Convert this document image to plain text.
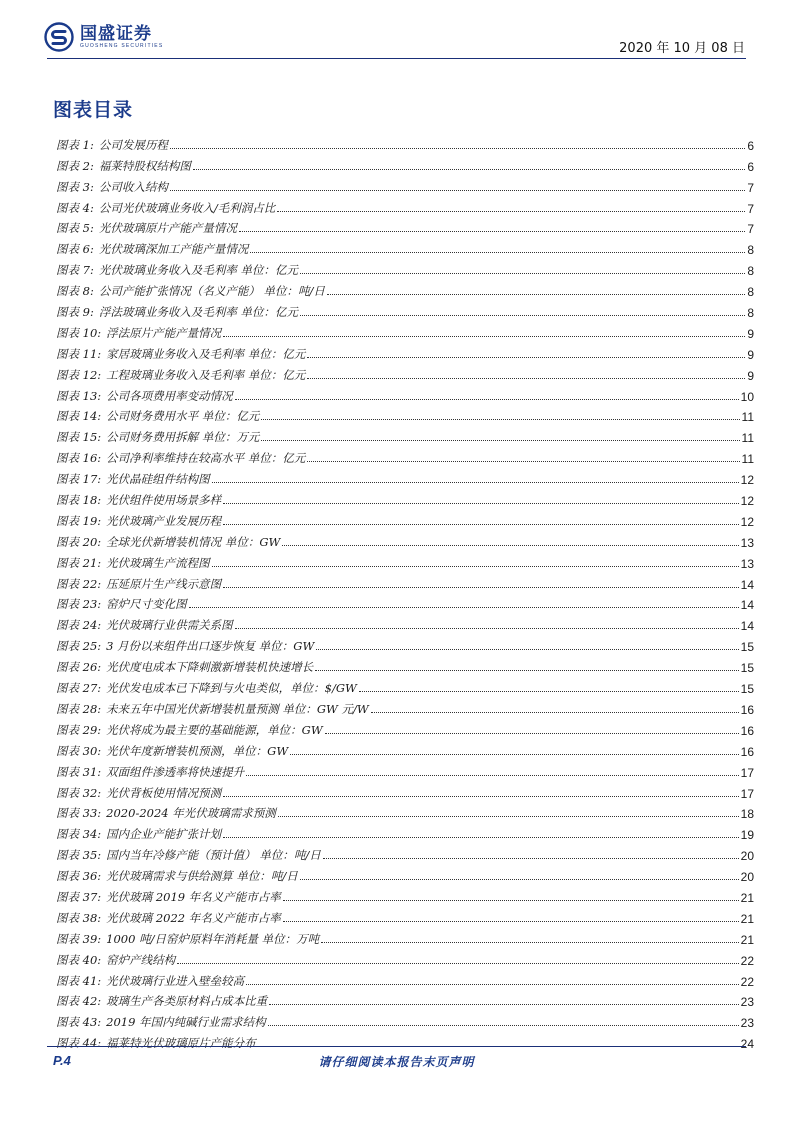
国盛证券
GUOSHENG SECURITIES	2020 年 10 月 08 日
图表目录
图表 1: 公司发展历程	6
图表 2: 福莱特股权结构图	6
图表 3: 公司收入结构	7
图表 4: 公司光伏玻璃业务收入/毛利润占比	7
图表 5: 光伏玻璃原片产能产量情况	7
图表 6: 光伏玻璃深加工产能产量情况	8
图表 7: 光伏玻璃业务收入及毛利率 单位：亿元	8
图表 8: 公司产能扩张情况（名义产能） 单位：吨/日	8
图表 9: 浮法玻璃业务收入及毛利率 单位：亿元	8
图表 10: 浮法原片产能产量情况	9
图表 11: 家居玻璃业务收入及毛利率 单位：亿元	9
图表 12: 工程玻璃业务收入及毛利率 单位：亿元	9
图表 13: 公司各项费用率变动情况	10
图表 14: 公司财务费用水平 单位：亿元	11
图表 15: 公司财务费用拆解 单位：万元	11
图表 16: 公司净利率维持在较高水平 单位：亿元	11
图表 17: 光伏晶硅组件结构图	12
图表 18: 光伏组件使用场景多样	12
图表 19: 光伏玻璃产业发展历程	12
图表 20: 全球光伏新增装机情况 单位：GW	13
图表 21: 光伏玻璃生产流程图	13
图表 22: 压延原片生产线示意图	14
图表 23: 窑炉尺寸变化图	14
图表 24: 光伏玻璃行业供需关系图	14
图表 25: 3 月份以来组件出口逐步恢复 单位：GW	15
图表 26: 光伏度电成本下降刺激新增装机快速增长	15
图表 27: 光伏发电成本已下降到与火电类似，单位：$/GW	15
图表 28: 未来五年中国光伏新增装机量预测 单位：GW 元/W	16
图表 29: 光伏将成为最主要的基础能源，单位：GW	16
图表 30: 光伏年度新增装机预测，单位：GW	16
图表 31: 双面组件渗透率将快速提升	17
图表 32: 光伏背板使用情况预测	17
图表 33: 2020-2024 年光伏玻璃需求预测	18
图表 34: 国内企业产能扩张计划	19
图表 35: 国内当年冷修产能（预计值） 单位：吨/日	20
图表 36: 光伏玻璃需求与供给测算 单位：吨/日	20
图表 37: 光伏玻璃 2019 年名义产能市占率	21
图表 38: 光伏玻璃 2022 年名义产能市占率	21
图表 39: 1000 吨/日窑炉原料年消耗量 单位：万吨	21
图表 40: 窑炉产线结构	22
图表 41: 光伏玻璃行业进入壁垒较高	22
图表 42: 玻璃生产各类原材料占成本比重	23
图表 43: 2019 年国内纯碱行业需求结构	23
图表 44: 福莱特光伏玻璃原片产能分布	24
P.4	请仔细阅读本报告末页声明
